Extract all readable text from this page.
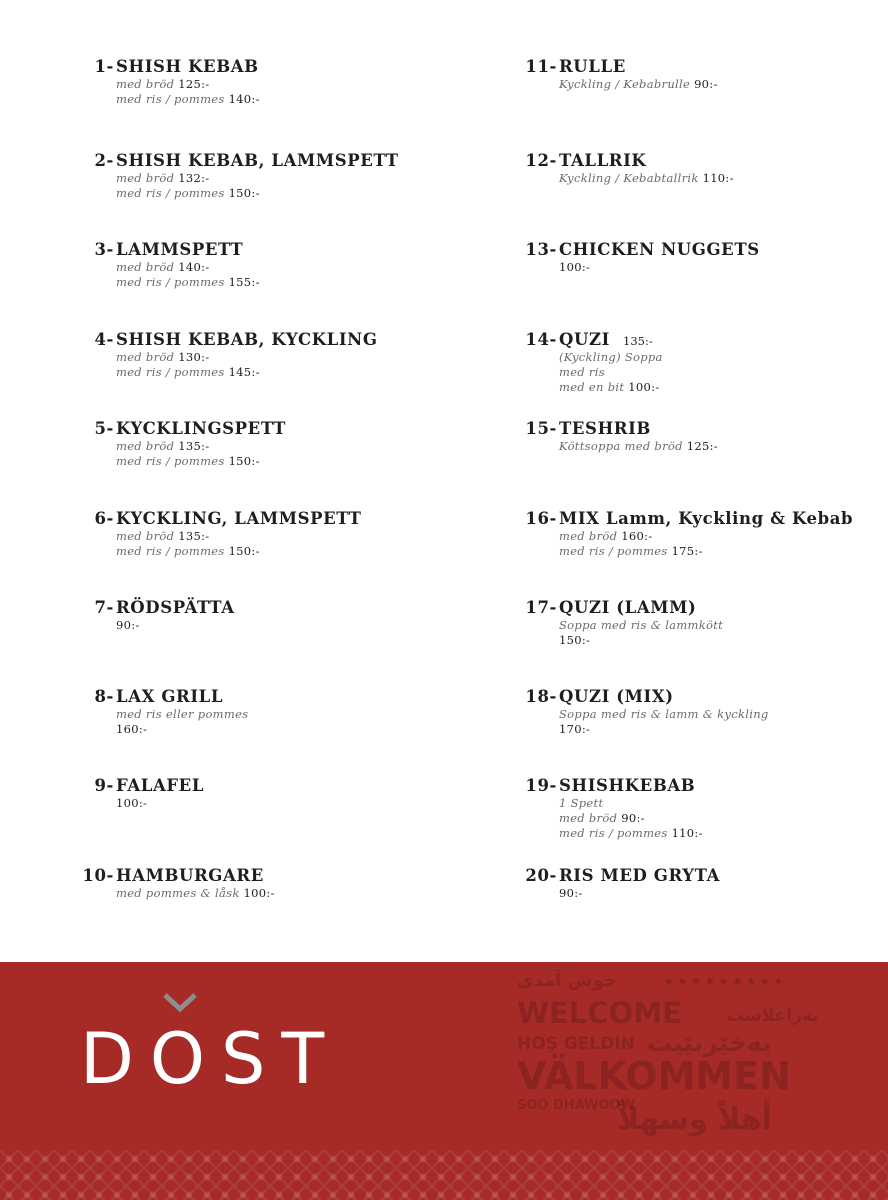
1- SHISH KEBAB
med bröd 125:-
med ris / pommes 140:-
2- SHISH KEBAB, LAMMSPETT
med bröd 132:-
med ris / pommes 150:-
3- LAMMSPETT
med bröd 140:-
med ris / pommes 155:-
4- SHISH KEBAB, KYCKLING
med bröd 130:-
med ris / pommes 145:-
5- KYCKLINGSPETT
med bröd 135:-
med ris / pommes 150:-
6- KYCKLING, LAMMSPETT
med bröd 135:-
med ris / pommes 150:-
7- RÖDSPÄTTA
90:-
8- LAX GRILL
med ris eller pommes
160:-
9- FALAFEL
100:-
10- HAMBURGARE
med pommes & låsk 100:-
11- RULLE
Kyckling / Kebabrulle 90:-
12- TALLRIK
Kyckling / Kebabtallrik 110:-
13- CHICKEN NUGGETS
100:-
14- QUZI	135:-
(Kyckling) Soppa
med ris
med en bit 100:-
15- TESHRIB
Köttsoppa med bröd 125:-
16- MIX Lamm, Kyckling & Kebab
med bröd 160:-
med ris / pommes 175:-
17- QUZI (LAMM)
Soppa med ris & lammkött
150:-
18- QUZI (MIX)
Soppa med ris & lamm & kyckling
170:-
19- SHISHKEBAB
1 Spett
med bröd 90:-
med ris / pommes 110:-
20- RIS MED GRYTA
90:-
DOST
◆◆◆◆◆◆◆◆◆
خوش آمدی
WELCOME	بەراغلاست
HOŞ GELDIN بەخێربێیت
VÄLKOMMEN
SOO DHAWOOW
أهلاً وسهلاً
